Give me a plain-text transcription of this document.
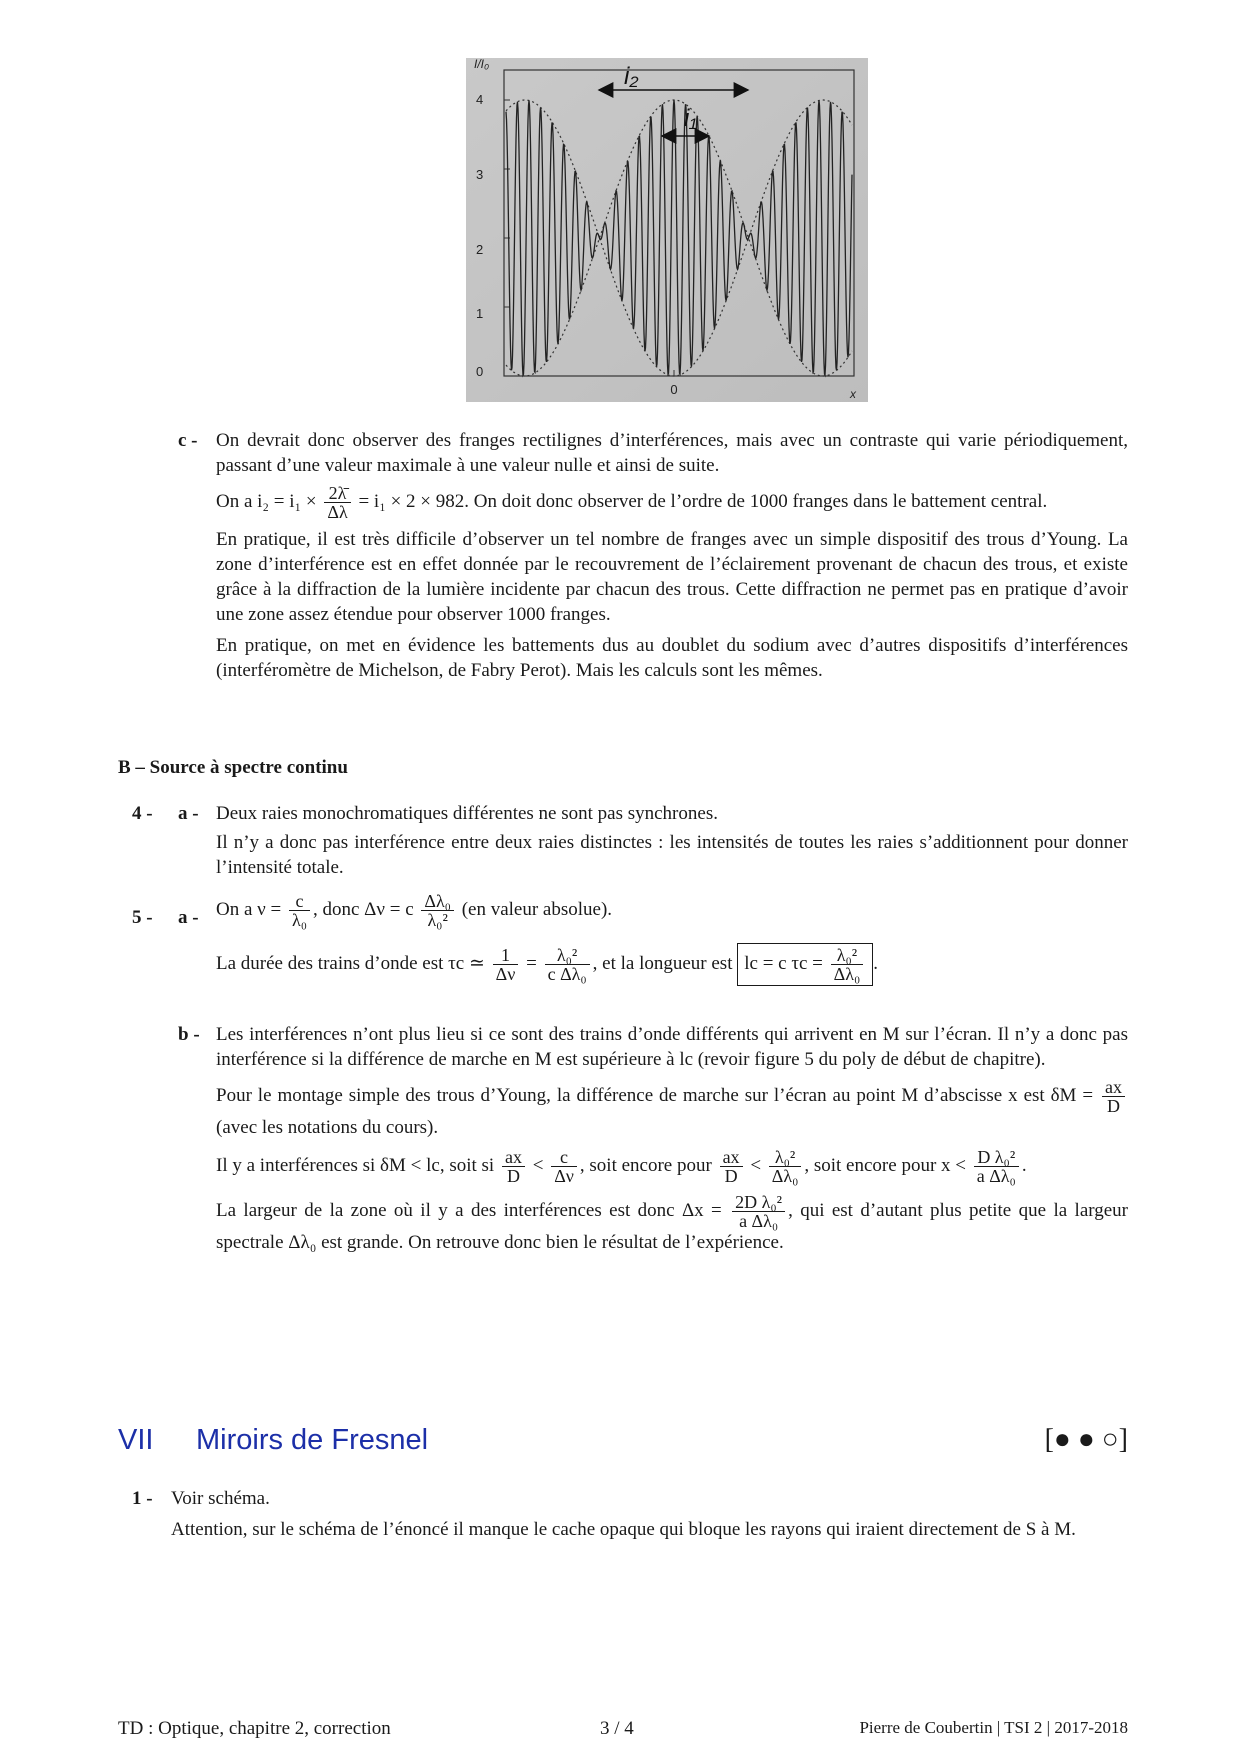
i₂
i₁
I/I₀
4
3
2
1
0
0	x
c - On devrait donc observer des franges rectilignes d’interférences, mais avec un contraste qui varie périodiquement, passant d’une valeur maximale à une valeur nulle et ainsi de suite.

On a $i_2 = i_1 \times \frac{2\lambdā}{\Delta\lambda} = i_1 \times 2 \times 982$. On doit donc observer de l’ordre de 1000 franges dans le battement central.

En pratique, il est très difficile d’observer un tel nombre de franges avec un simple dispositif des trous d’Young. La zone d’interférence est en effet donnée par le recouvrement de l’éclairement provenant de chacun des trous, et existe grâce à la diffraction de la lumière incidente par chacun des trous. Cette diffraction ne permet pas en pratique d’avoir une zone assez étendue pour observer 1000 franges.

En pratique, on met en évidence les battements dus au doublet du sodium avec d’autres dispositifs d’interférences (interféromètre de Michelson, de Fabry Perot). Mais les calculs sont les mêmes.

B – Source à spectre continu
4 - a - Deux raies monochromatiques différentes ne sont pas synchrones.

Il n’y a donc pas interférence entre deux raies distinctes : les intensités de toutes les raies s’additionnent pour donner l’intensité totale.

5 - a - On a $\nu = \frac{c}{\text{λ₀}}$ , donc Δν = c $\frac{\text{Δλ₀}}{\text{λ₀²}} (en$ valeur absolue).

La durée des trains d’onde est τc ≃ $\frac{1}{\Delta\nu} = \frac{\text{λ₀²}}{\text{c Δλ₀}}$ , et la longueur est lc = c $\tau c = \frac{\text{λ₀²}}{\text{Δλ₀}}$ .

b - Les interférences n’ont plus lieu si ce sont des trains d’onde différents qui arrivent en M sur l’écran. Il n’y a donc pas interférence si la différence de marche en M est supérieure à lc (revoir figure 5 du poly de début de chapitre).

Pour le montage simple des trous d’Young, la différence de marche sur l’écran au point M d’abscisse x est $\delta M = \frac{ax}{D}$
(avec les notations du cours).

Il y a interférences si δM < lc, soit si $\frac{ax}{D} < \frac{c}{\Delta\nu}$ , soit encore pour $\frac{ax}{D} < \frac{\text{λ₀²}}{\text{Δλ₀}}$ , soit encore pour $x < \frac{\text{D λ₀²}}{\text{a Δλ₀}}$ .

La largeur de la zone où il y a des interférences est donc $\Delta x = \frac{\text{2D λ₀²}}{\text{a Δλ₀}}$ , qui est d’autant plus petite que la largeur spectrale Δλ₀ est grande. On retrouve donc bien le résultat de l’expérience.

VII Miroirs de Fresnel	[● ● ○]
1 - Voir schéma.

Attention, sur le schéma de l’énoncé il manque le cache opaque qui bloque les rayons qui iraient directement de S à M.

TD : Optique, chapitre 2, correction	3 / 4	Pierre de Coubertin | TSI 2 | 2017-2018
